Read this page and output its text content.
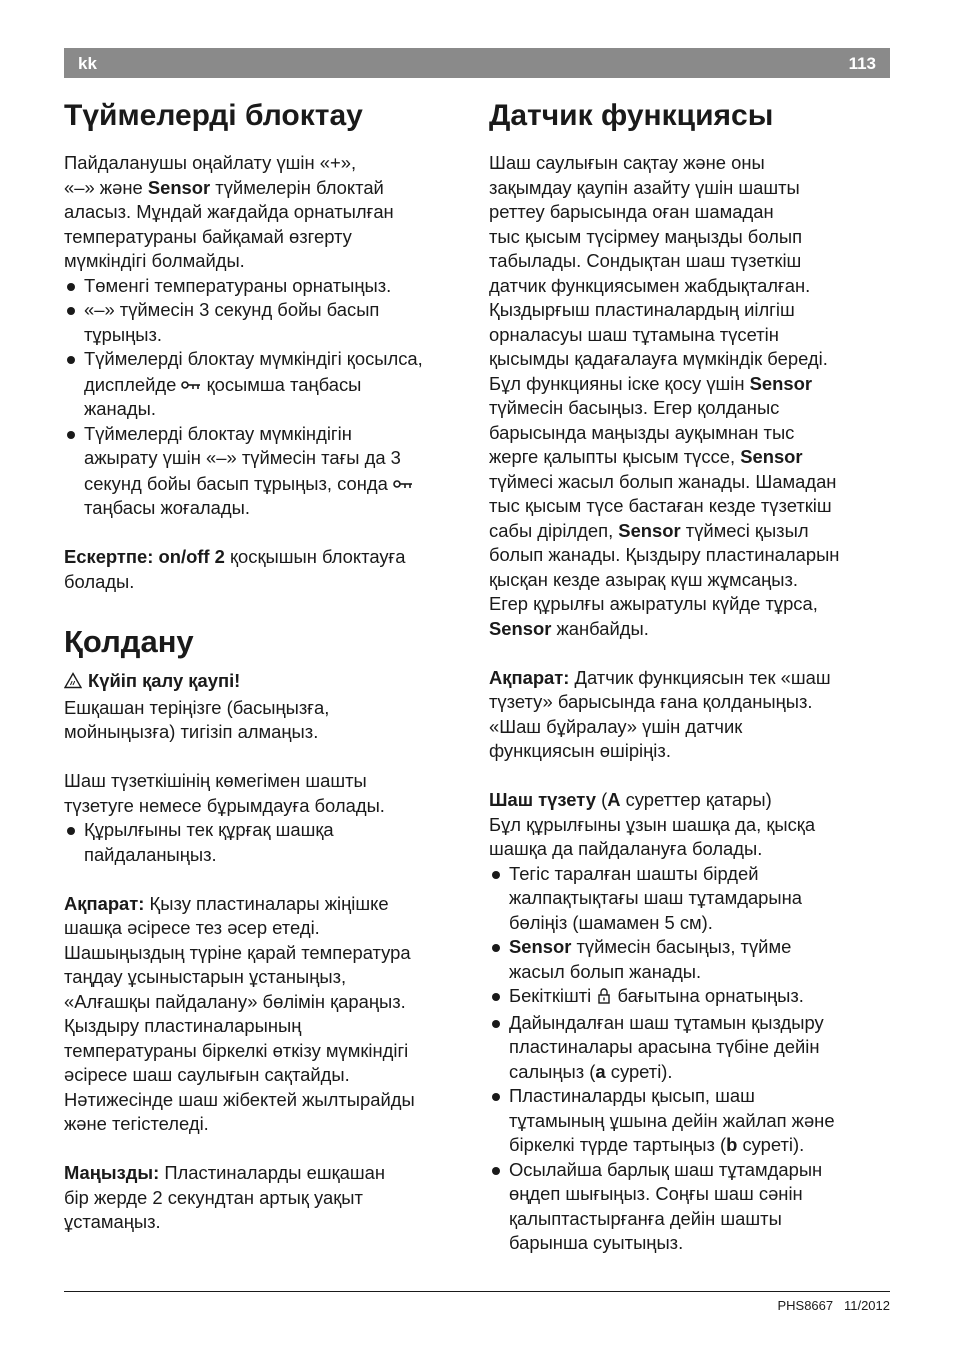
kk	113
Түймелерді блоктау

Пайдаланушы оңайлату үшін «+»,

«–» және Sensor түймелерін блоктай

аласыз. Мұндай жағдайда орнатылған

температураны байқамай өзгерту

мүмкіндігі болмайды.

Төменгі температураны орнатыңыз.
«–» түймесін 3 секунд бойы басып
тұрыңыз.
Түймелерді блоктау мүмкіндігі қосылса,
дисплейде  қосымша таңбасы
жанады.
Түймелерді блоктау мүмкіндігін
ажырату үшін «–» түймесін тағы да 3
секунд бойы басып тұрыңыз, сонда
таңбасы жоғалады.

Ескертпе: on/off 2 қосқышын блоктауға

болады.

Қолдану

Күйіп қалу қаупі!

Ешқашан теріңізге (басыңызға,

мойныңызға) тигізіп алмаңыз.

Шаш түзеткішінің көмегімен шашты

түзетуге немесе бұрымдауға болады.

Құрылғыны тек құрғақ шашқа
пайдаланыңыз.

Ақпарат: Қызу пластиналары жіңішке

шашқа әсіресе тез әсер етеді.

Шашыңыздың түріне қарай температура

таңдау ұсыныстарын ұстаныңыз,

«Алғашқы пайдалану» бөлімін қараңыз.

Қыздыру пластиналарының

температураны біркелкі өткізу мүмкіндігі

әсіресе шаш саулығын сақтайды.

Нәтижесінде шаш жібектей жылтырайды

және тегістеледі.

Маңызды: Пластиналарды ешқашан

бір жерде 2 секундтан артық уақыт

ұстамаңыз.

Датчик функциясы

Шаш саулығын сақтау және оны

зақымдау қаупін азайту үшін шашты

реттеу барысында оған шамадан

тыс қысым түсірмеу маңызды болып

табылады. Сондықтан шаш түзеткіш

датчик функциясымен жабдықталған.

Қыздырғыш пластиналардың иілгіш

орналасуы шаш тұтамына түсетін

қысымды қадағалауға мүмкіндік береді.

Бұл функцияны іске қосу үшін Sensor

түймесін басыңыз. Егер қолданыс

барысында маңызды ауқымнан тыс

жерге қалыпты қысым түссе, Sensor

түймесі жасыл болып жанады. Шамадан

тыс қысым түсе бастаған кезде түзеткіш

сабы дірілдеп, Sensor түймесі қызыл

болып жанады. Қыздыру пластиналарын

қысқан кезде азырақ күш жұмсаңыз.

Егер құрылғы ажыратулы күйде тұрса,

Sensor жанбайды.

Ақпарат: Датчик функциясын тек «шаш

түзету» барысында ғана қолданыңыз.

«Шаш бұйралау» үшін датчик

функциясын өшіріңіз.

Шаш түзету (A суреттер қатары)

Бұл құрылғыны ұзын шашқа да, қысқа

шашқа да пайдалануға болады.

Тегіс таралған шашты бірдей
жалпақтықтағы шаш тұтамдарына
бөліңіз (шамамен 5 см).
Sensor түймесін басыңыз, түйме
жасыл болып жанады.
Бекіткішті  бағытына орнатыңыз.
Дайындалған шаш тұтамын қыздыру
пластиналары арасына түбіне дейін
салыңыз (a суреті).
Пластиналарды қысып, шаш
тұтамының ұшына дейін жайлап және
біркелкі түрде тартыңыз (b суреті).
Осылайша барлық шаш тұтамдарын
өңдеп шығыңыз. Соңғы шаш сәнін
қалыптастырғанға дейін шашты
барынша суытыңыз.
PHS8667 11/2012
